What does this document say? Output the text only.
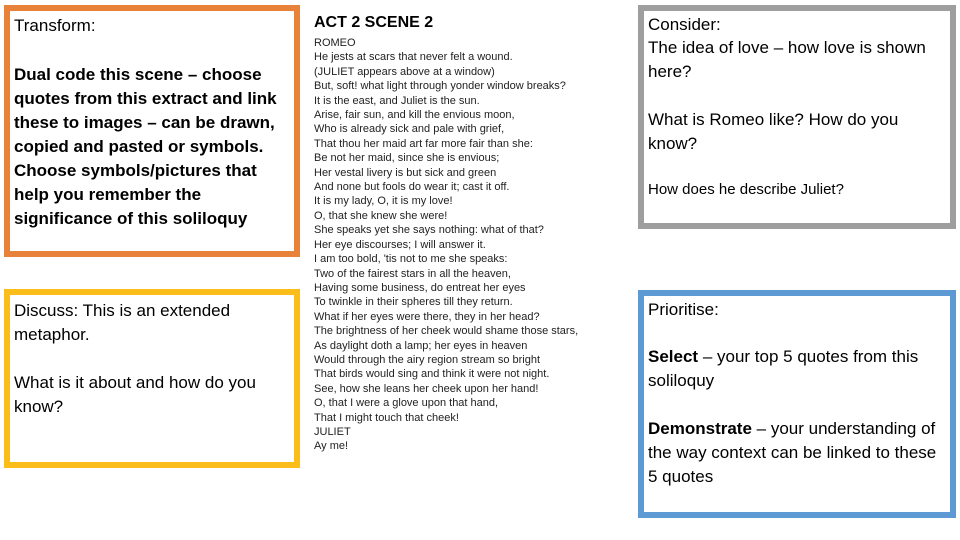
Transform:

Dual code this scene – choose quotes from this extract and link these to images – can be drawn, copied and pasted or symbols. Choose symbols/pictures that help you remember the significance of this soliloquy

Discuss: This is an extended metaphor.

What is it about and how do you know?

ACT 2 SCENE 2

ROMEO
He jests at scars that never felt a wound.
(JULIET appears above at a window)
But, soft! what light through yonder window breaks?
It is the east, and Juliet is the sun.
Arise, fair sun, and kill the envious moon,
Who is already sick and pale with grief,
That thou her maid art far more fair than she:
Be not her maid, since she is envious;
Her vestal livery is but sick and green
And none but fools do wear it; cast it off.
It is my lady, O, it is my love!
O, that she knew she were!
She speaks yet she says nothing: what of that?
Her eye discourses; I will answer it.
I am too bold, 'tis not to me she speaks:
Two of the fairest stars in all the heaven,
Having some business, do entreat her eyes
To twinkle in their spheres till they return.
What if her eyes were there, they in her head?
The brightness of her cheek would shame those stars,
As daylight doth a lamp; her eyes in heaven
Would through the airy region stream so bright
That birds would sing and think it were not night.
See, how she leans her cheek upon her hand!
O, that I were a glove upon that hand,
That I might touch that cheek!
JULIET
Ay me!

Consider:

The idea of love – how love is shown here?

What is Romeo like? How do you know?

How does he describe Juliet?

Prioritise:

Select – your top 5 quotes from this soliloquy

Demonstrate – your understanding of the way context can be linked to these 5 quotes
